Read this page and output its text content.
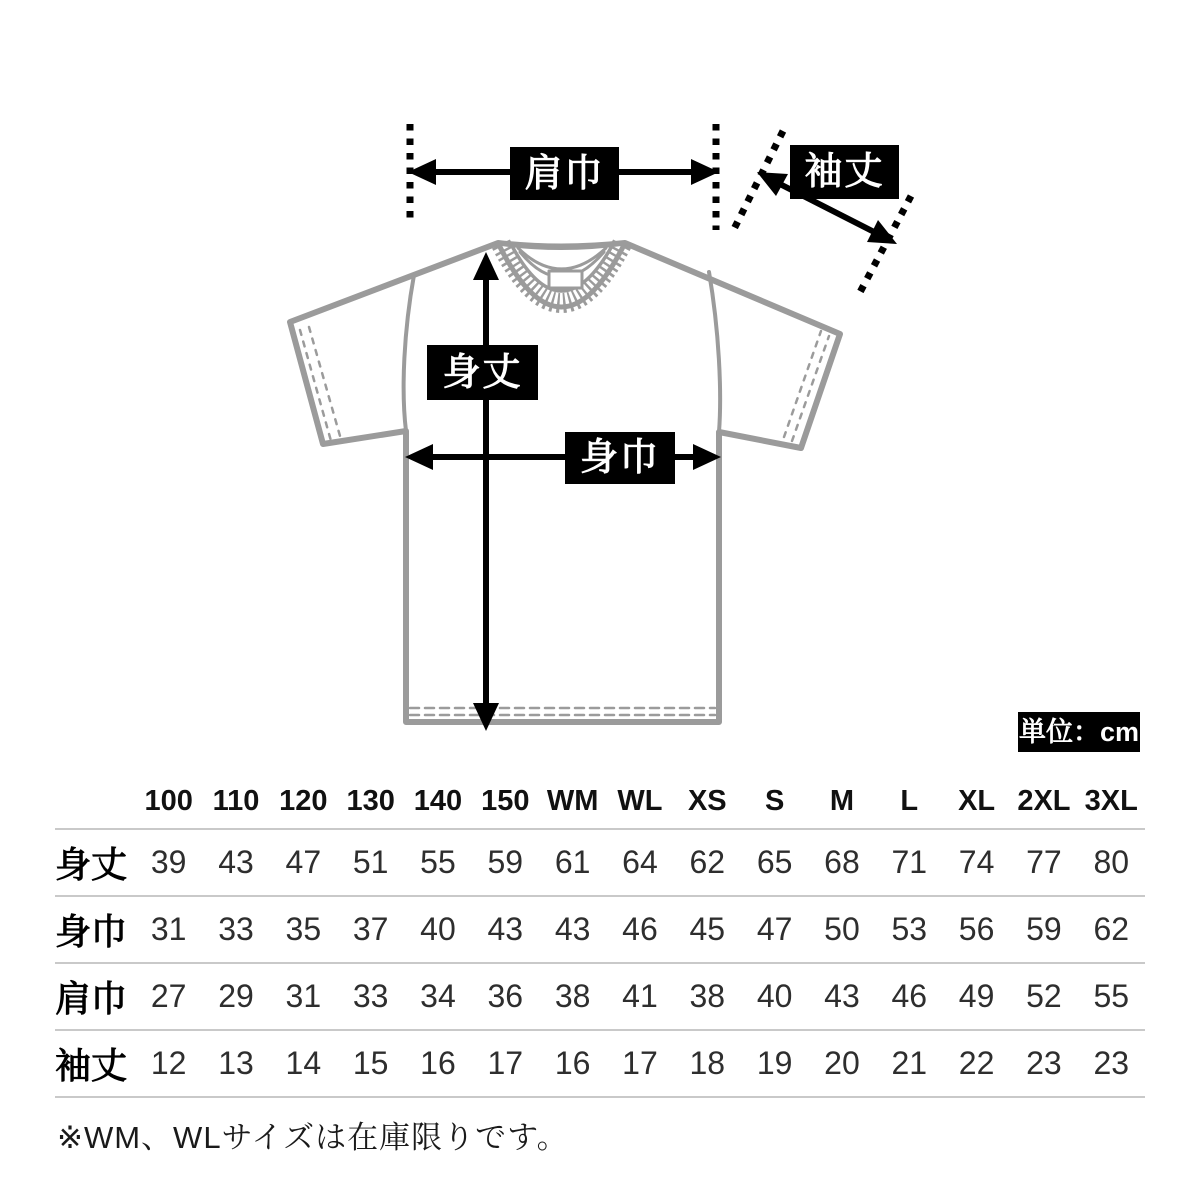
肩巾	袖丈
身丈
身巾
単位：cm
100 110 120 130 140 150 WM WL XS	S	M	L	XL 2XL 3XL
身丈 39 43 47 51 55 59 61 64 62 65 68 71 74 77 80
身巾 31 33 35 37 40 43 43 46 45 47 50 53 56 59 62
肩巾 27 29 31 33 34 36 38 41 38 40 43 46 49 52 55
袖丈 12 13 14 15 16 17 16 17 18 19 20 21 22 23 23
※WM、WLサイズは在庫限りです。
